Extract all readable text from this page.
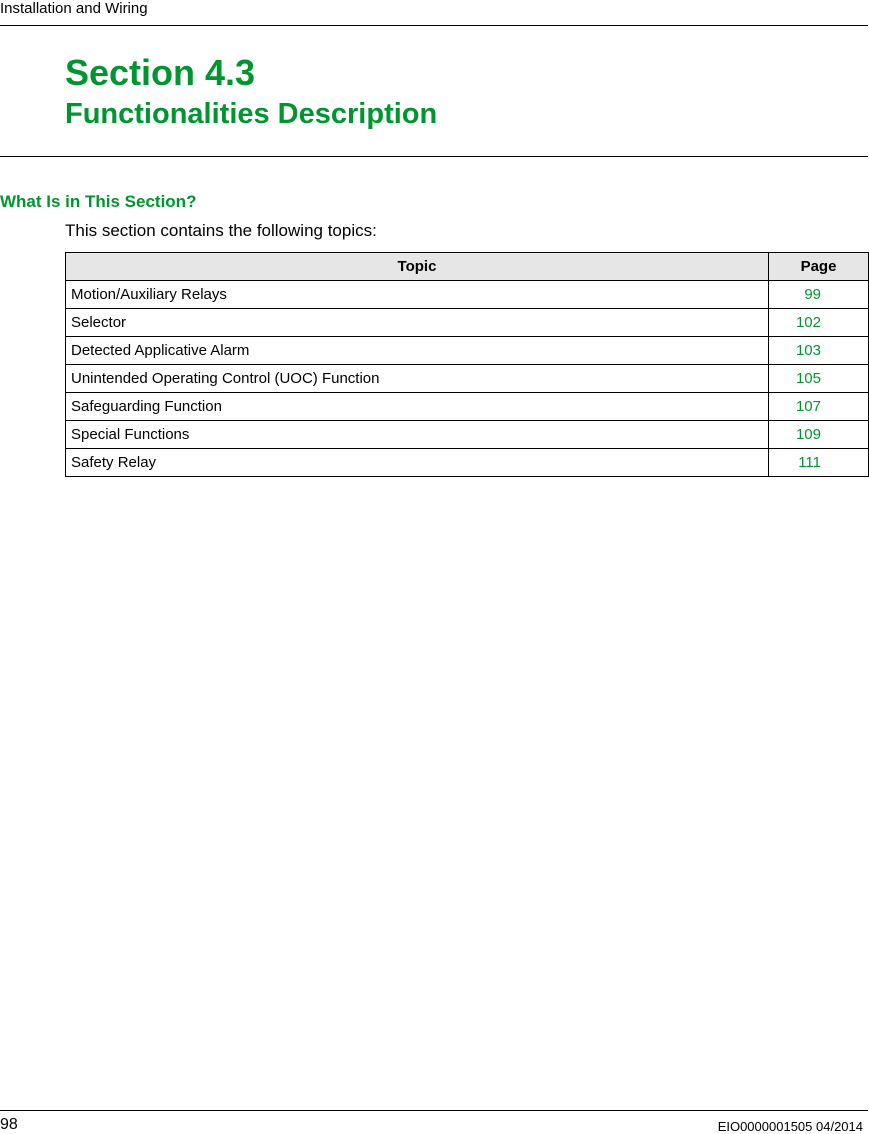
Installation and Wiring
Section 4.3
Functionalities Description
What Is in This Section?

This section contains the following topics:

Topic	Page
Motion/Auxiliary Relays	99
Selector	102
Detected Applicative Alarm	103
Unintended Operating Control (UOC) Function	105
Safeguarding Function	107
Special Functions	109
Safety Relay	111
98	EIO0000001505 04/2014
